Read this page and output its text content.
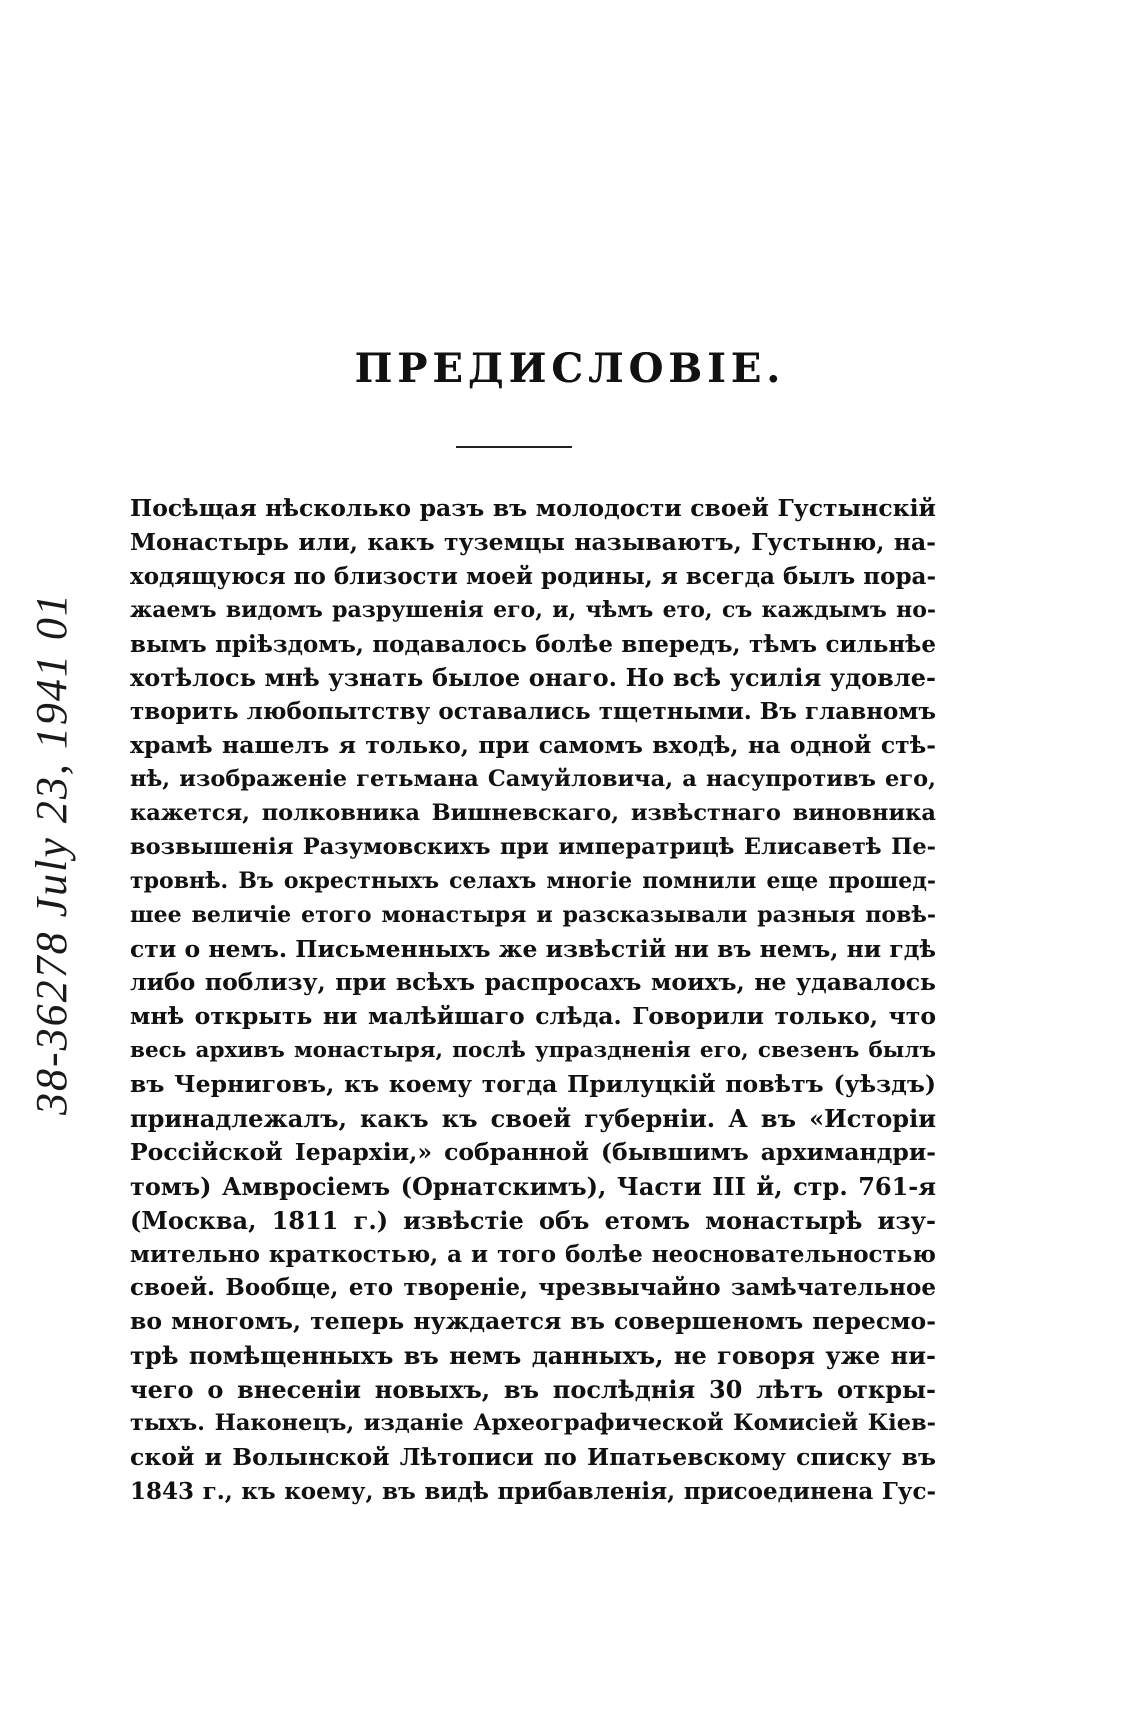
38-36278 July 23, 1941 01
ПРЕДИСЛОВІЕ.
Посѣщая нѣсколько разъ въ молодости своей Густынскій
Монастырь или, какъ туземцы называютъ, Густыню, на-
ходящуюся по близости моей родины, я всегда былъ пора-
жаемъ видомъ разрушенія его, и, чѣмъ ето, съ каждымъ но-
вымъ пріѣздомъ, подавалось болѣе впередъ, тѣмъ сильнѣе
хотѣлось мнѣ узнать былое онаго. Но всѣ усилія удовле-
творить любопытству оставались тщетными. Въ главномъ
храмѣ нашелъ я только, при самомъ входѣ, на одной стѣ-
нѣ, изображеніе гетьмана Самуйловича, а насупротивъ его,
кажется, полковника Вишневскаго, извѣстнаго виновника
возвышенія Разумовскихъ при императрицѣ Елисаветѣ Пе-
тровнѣ. Въ окрестныхъ селахъ многіе помнили еще прошед-
шее величіе етого монастыря и разсказывали разныя повѣ-
сти о немъ. Письменныхъ же извѣстій ни въ немъ, ни гдѣ
либо поблизу, при всѣхъ распросахъ моихъ, не удавалось
мнѣ открыть ни малѣйшаго слѣда. Говорили только, что
весь архивъ монастыря, послѣ упраздненія его, свезенъ былъ
въ Черниговъ, къ коему тогда Прилуцкій повѣтъ (уѣздъ)
принадлежалъ, какъ къ своей губерніи. А въ «Исторіи
Россійской Іерархіи,» собранной (бывшимъ архимандри-
томъ) Амвросіемъ (Орнатскимъ), Части III й, стр. 761-я
(Москва, 1811 г.) извѣстіе объ етомъ монастырѣ изу-
мительно краткостью, а и того болѣе неосновательностью
своей. Вообще, ето твореніе, чрезвычайно замѣчательное
во многомъ, теперь нуждается въ совершеномъ пересмо-
трѣ помѣщенныхъ въ немъ данныхъ, не говоря уже ни-
чего о внесеніи новыхъ, въ послѣднія 30 лѣтъ откры-
тыхъ. Наконецъ, изданіе Археографической Комисіей Кіев-
ской и Волынской Лѣтописи по Ипатьевскому списку въ
1843 г., къ коему, въ видѣ прибавленія, присоединена Гус-
